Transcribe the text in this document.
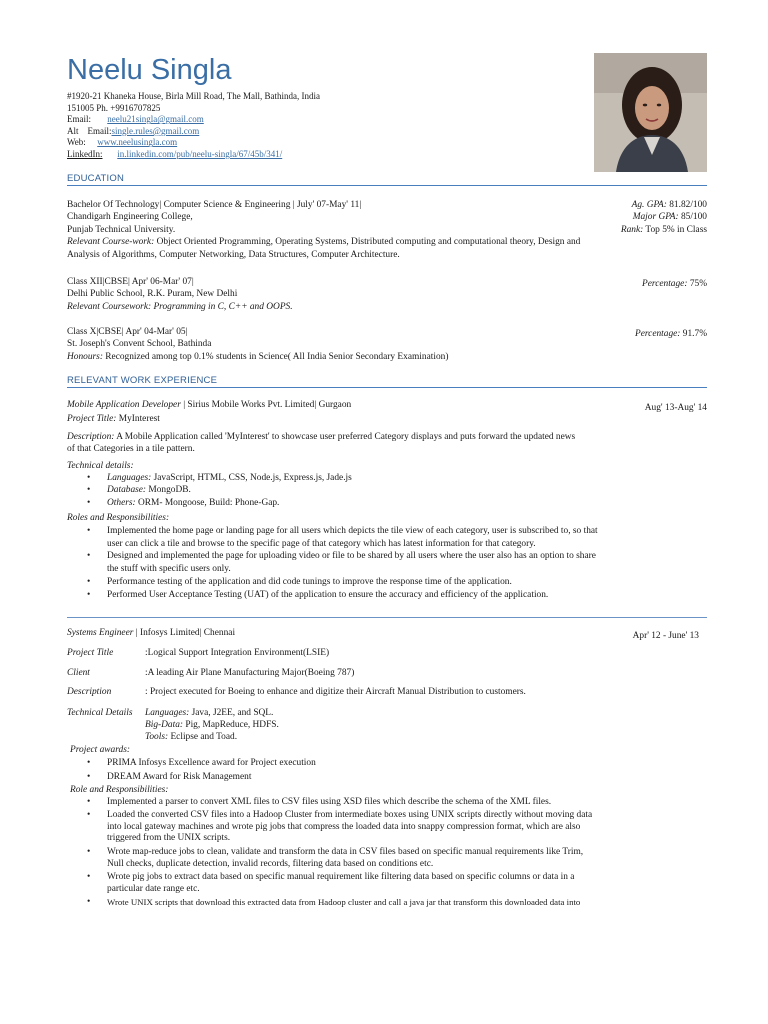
Neelu Singla
#1920-21 Khaneka House, Birla Mill Road, The Mall, Bathinda, India
151005 Ph. +9916707825
Email: neelu21singla@gmail.com
Alt    Email:single.rules@gmail.com
Web: www.neelusingla.com
LinkedIn: in.linkedin.com/pub/neelu-singla/67/45b/341/
EDUCATION
Bachelor Of Technology| Computer Science & Engineering | July' 07-May' 11|	Ag. GPA: 81.82/100
Chandigarh Engineering College,	Major GPA: 85/100
Punjab Technical University.	Rank: Top 5% in Class
Relevant Course-work: Object Oriented Programming, Operating Systems, Distributed computing and computational theory, Design and
Analysis of Algorithms, Computer Networking, Data Structures, Computer Architecture.
Class XII|CBSE| Apr' 06-Mar' 07|	Percentage: 75%
Delhi Public School, R.K. Puram, New Delhi
Relevant Coursework: Programming in C, C++ and OOPS.
Class X|CBSE| Apr' 04-Mar' 05|	Percentage: 91.7%
St. Joseph's Convent School, Bathinda
Honours: Recognized among top 0.1% students in Science( All India Senior Secondary Examination)
RELEVANT WORK EXPERIENCE
Mobile Application Developer | Sirius Mobile Works Pvt. Limited| Gurgaon	Aug' 13-Aug' 14
Project Title: MyInterest
Description: A Mobile Application called 'MyInterest' to showcase user preferred Category displays and puts forward the updated news
of that Categories in a tile pattern.
Technical details:
• Languages: JavaScript, HTML, CSS, Node.js, Express.js, Jade.js
• Database: MongoDB.
• Others: ORM- Mongoose, Build: Phone-Gap.
Roles and Responsibilities:
• Implemented the home page or landing page for all users which depicts the tile view of each category, user is subscribed to, so that
user can click a tile and browse to the specific page of that category which has latest information for that category.
• Designed and implemented the page for uploading video or file to be shared by all users where the user also has an option to share
the stuff with specific users only.
• Performance testing of the application and did code tunings to improve the response time of the application.
• Performed User Acceptance Testing (UAT) of the application to ensure the accuracy and efficiency of the application.
Systems Engineer | Infosys Limited| Chennai	Apr' 12 - June' 13
Project Title	:Logical Support Integration Environment(LSIE)
Client	:A leading Air Plane Manufacturing Major(Boeing 787)
Description	: Project executed for Boeing to enhance and digitize their Aircraft Manual Distribution to customers.
Technical Details	Languages: Java, J2EE, and SQL.
Big-Data: Pig, MapReduce, HDFS.
Tools: Eclipse and Toad.
Project awards:
• PRIMA Infosys Excellence award for Project execution
• DREAM Award for Risk Management
Role and Responsibilities:
• Implemented a parser to convert XML files to CSV files using XSD files which describe the schema of the XML files.
• Loaded the converted CSV files into a Hadoop Cluster from intermediate boxes using UNIX scripts directly without moving data
into local gateway machines and wrote pig jobs that compress the loaded data into snappy compression format, which are also
triggered from the UNIX scripts.
• Wrote map-reduce jobs to clean, validate and transform the data in CSV files based on specific manual requirements like Trim,
Null checks, duplicate detection, invalid records, filtering data based on conditions etc.
• Wrote pig jobs to extract data based on specific manual requirement like filtering data based on specific columns or data in a
particular date range etc.
• Wrote UNIX scripts that download this extracted data from Hadoop cluster and call a java jar that transform this downloaded data into
